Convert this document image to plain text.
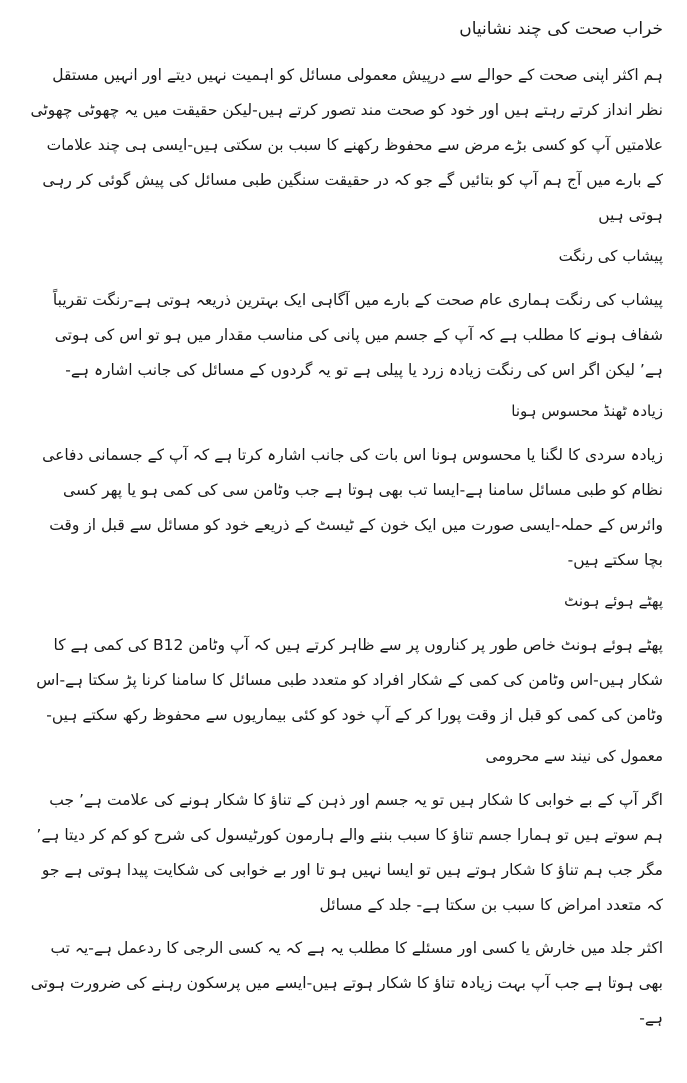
خراب صحت کی چند نشانیاں

ہم اکثر اپنی صحت کے حوالے سے درپیش معمولی مسائل کو اہمیت نہیں دیتے اور انہیں مستقل نظر انداز کرتے رہتے ہیں اور خود کو صحت مند تصور کرتے ہیں-لیکن حقیقت میں یہ چھوٹی چھوٹی علامتیں آپ کو کسی بڑے مرض سے محفوظ رکھنے کا سبب بن سکتی ہیں-ایسی ہی چند علامات کے بارے میں آج ہم آپ کو بتائیں گے جو کہ در حقیقت سنگین طبی مسائل کی پیش گوئی کر رہی ہوتی ہیں

پیشاب کی رنگت

پیشاب کی رنگت ہماری عام صحت کے بارے میں آگاہی ایک بہترین ذریعہ ہوتی ہے-رنگت تقریباً شفاف ہونے کا مطلب ہے کہ آپ کے جسم میں پانی کی مناسب مقدار میں ہو تو اس کی ہوتی ہے٬ لیکن اگر اس کی رنگت زیادہ زرد یا پیلی ہے تو یہ گردوں کے مسائل کی جانب اشارہ ہے-

زیادہ ٹھنڈ محسوس ہونا

زیادہ سردی کا لگنا یا محسوس ہونا اس بات کی جانب اشارہ کرتا ہے کہ آپ کے جسمانی دفاعی نظام کو طبی مسائل سامنا ہے-ایسا تب بھی ہوتا ہے جب وٹامن سی کی کمی ہو یا پھر کسی وائرس کے حملہ-ایسی صورت میں ایک خون کے ٹیسٹ کے ذریعے خود کو مسائل سے قبل از وقت بچا سکتے ہیں-

پھٹے ہوئے ہونٹ

پھٹے ہوئے ہونٹ خاص طور پر کناروں پر سے ظاہر کرتے ہیں کہ آپ وٹامن B12 کی کمی ہے کا شکار ہیں-اس وٹامن کی کمی کے شکار افراد کو متعدد طبی مسائل کا سامنا کرنا پڑ سکتا ہے-اس وٹامن کی کمی کو قبل از وقت پورا کر کے آپ خود کو کئی بیماریوں سے محفوظ رکھ سکتے ہیں-

معمول کی نیند سے محرومی

اگر آپ کے بے خوابی کا شکار ہیں تو یہ جسم اور ذہن کے تناؤ کا شکار ہونے کی علامت ہے٬ جب ہم سوتے ہیں تو ہمارا جسم تناؤ کا سبب بننے والے ہارمون کورٹیسول کی شرح کو کم کر دیتا ہے٬ مگر جب ہم تناؤ کا شکار ہوتے ہیں تو ایسا نہیں ہو تا اور بے خوابی کی شکایت پیدا ہوتی ہے جو کہ متعدد امراض کا سبب بن سکتا ہے- جلد کے مسائل

اکثر جلد میں خارش یا کسی اور مسئلے کا مطلب یہ ہے کہ یہ کسی الرجی کا ردعمل ہے-یہ تب بھی ہوتا ہے جب آپ بہت زیادہ تناؤ کا شکار ہوتے ہیں-ایسے میں پرسکون رہنے کی ضرورت ہوتی ہے-
